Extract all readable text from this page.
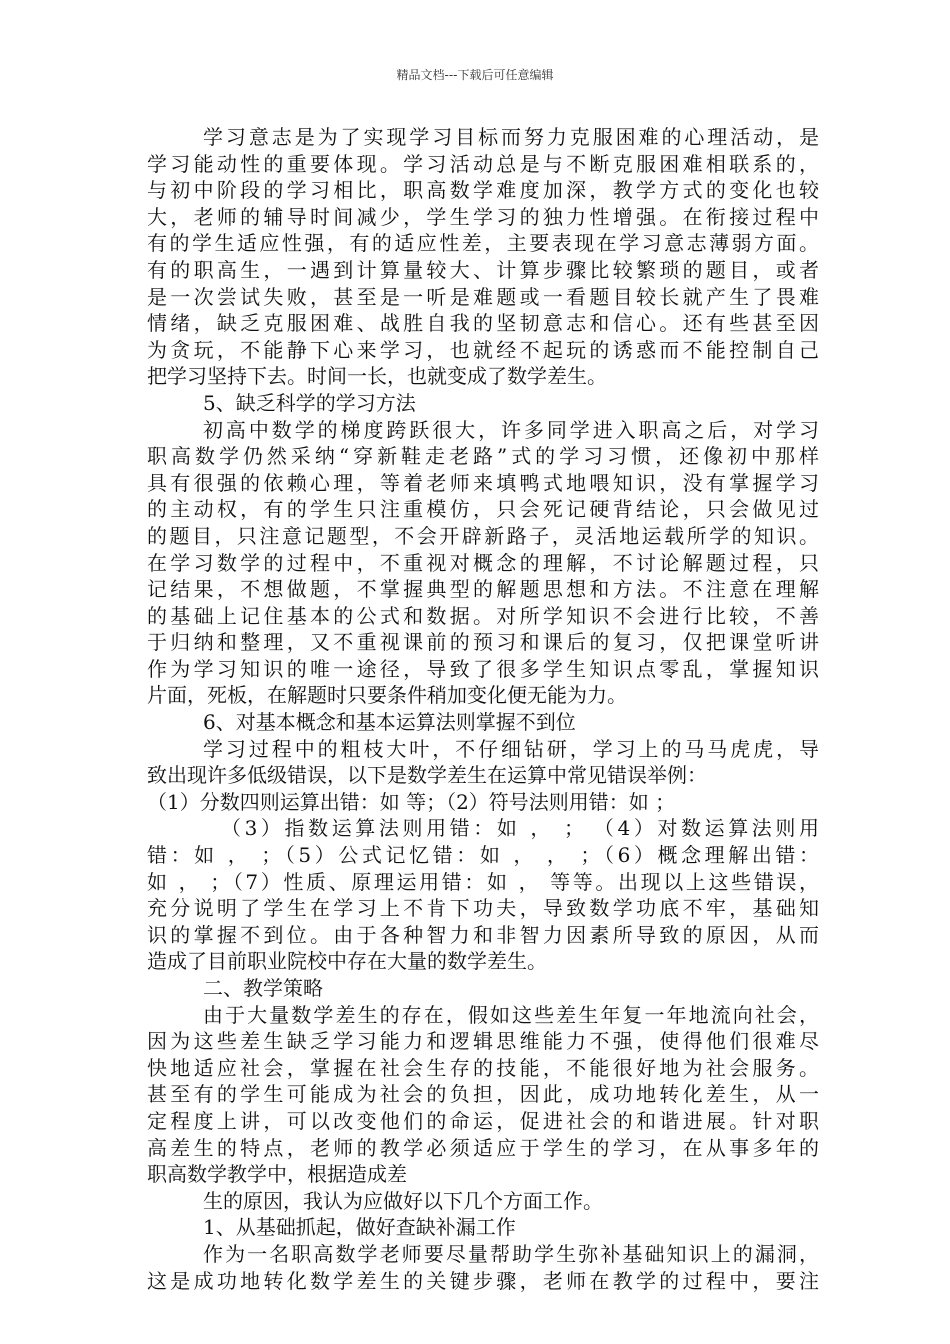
精品文档---下载后可任意编辑
学习意志是为了实现学习目标而努力克服困难的心理活动，是
学习能动性的重要体现。学习活动总是与不断克服困难相联系的，
与初中阶段的学习相比，职高数学难度加深，教学方式的变化也较
大，老师的辅导时间减少，学生学习的独力性增强。在衔接过程中
有的学生适应性强，有的适应性差，主要表现在学习意志薄弱方面。
有的职高生，一遇到计算量较大、计算步骤比较繁琐的题目，或者
是一次尝试失败，甚至是一听是难题或一看题目较长就产生了畏难
情绪，缺乏克服困难、战胜自我的坚韧意志和信心。还有些甚至因
为贪玩，不能静下心来学习，也就经不起玩的诱惑而不能控制自己
把学习坚持下去。时间一长，也就变成了数学差生。
5、缺乏科学的学习方法
初高中数学的梯度跨跃很大，许多同学进入职高之后，对学习
职高数学仍然采纳“穿新鞋走老路”式的学习习惯，还像初中那样
具有很强的依赖心理，等着老师来填鸭式地喂知识，没有掌握学习
的主动权，有的学生只注重模仿，只会死记硬背结论，只会做见过
的题目，只注意记题型，不会开辟新路子，灵活地运载所学的知识。
在学习数学的过程中，不重视对概念的理解，不讨论解题过程，只
记结果，不想做题，不掌握典型的解题思想和方法。不注意在理解
的基础上记住基本的公式和数据。对所学知识不会进行比较，不善
于归纳和整理，又不重视课前的预习和课后的复习，仅把课堂听讲
作为学习知识的唯一途径，导致了很多学生知识点零乱，掌握知识
片面，死板，在解题时只要条件稍加变化便无能为力。
6、对基本概念和基本运算法则掌握不到位
学习过程中的粗枝大叶，不仔细钻研，学习上的马马虎虎，导
致出现许多低级错误，以下是数学差生在运算中常见错误举例：
（1）分数四则运算出错：如 等；（2）符号法则用错：如 ；
（3）指数运算法则用错：如 ， ； （4）对数运算法则用
错：如 ， ；（5）公式记忆错：如 ， ， ；（6）概念理解出错：
如 ， ；（7）性质、原理运用错：如 ， 等等。出现以上这些错误，
充分说明了学生在学习上不肯下功夫，导致数学功底不牢，基础知
识的掌握不到位。由于各种智力和非智力因素所导致的原因，从而
造成了目前职业院校中存在大量的数学差生。
二、教学策略
由于大量数学差生的存在，假如这些差生年复一年地流向社会，
因为这些差生缺乏学习能力和逻辑思维能力不强，使得他们很难尽
快地适应社会，掌握在社会生存的技能，不能很好地为社会服务。
甚至有的学生可能成为社会的负担，因此，成功地转化差生，从一
定程度上讲，可以改变他们的命运，促进社会的和谐进展。针对职
高差生的特点，老师的教学必须适应于学生的学习，在从事多年的
职高数学教学中，根据造成差
生的原因，我认为应做好以下几个方面工作。
1、从基础抓起，做好查缺补漏工作
作为一名职高数学老师要尽量帮助学生弥补基础知识上的漏洞，
这是成功地转化数学差生的关键步骤，老师在教学的过程中，要注
